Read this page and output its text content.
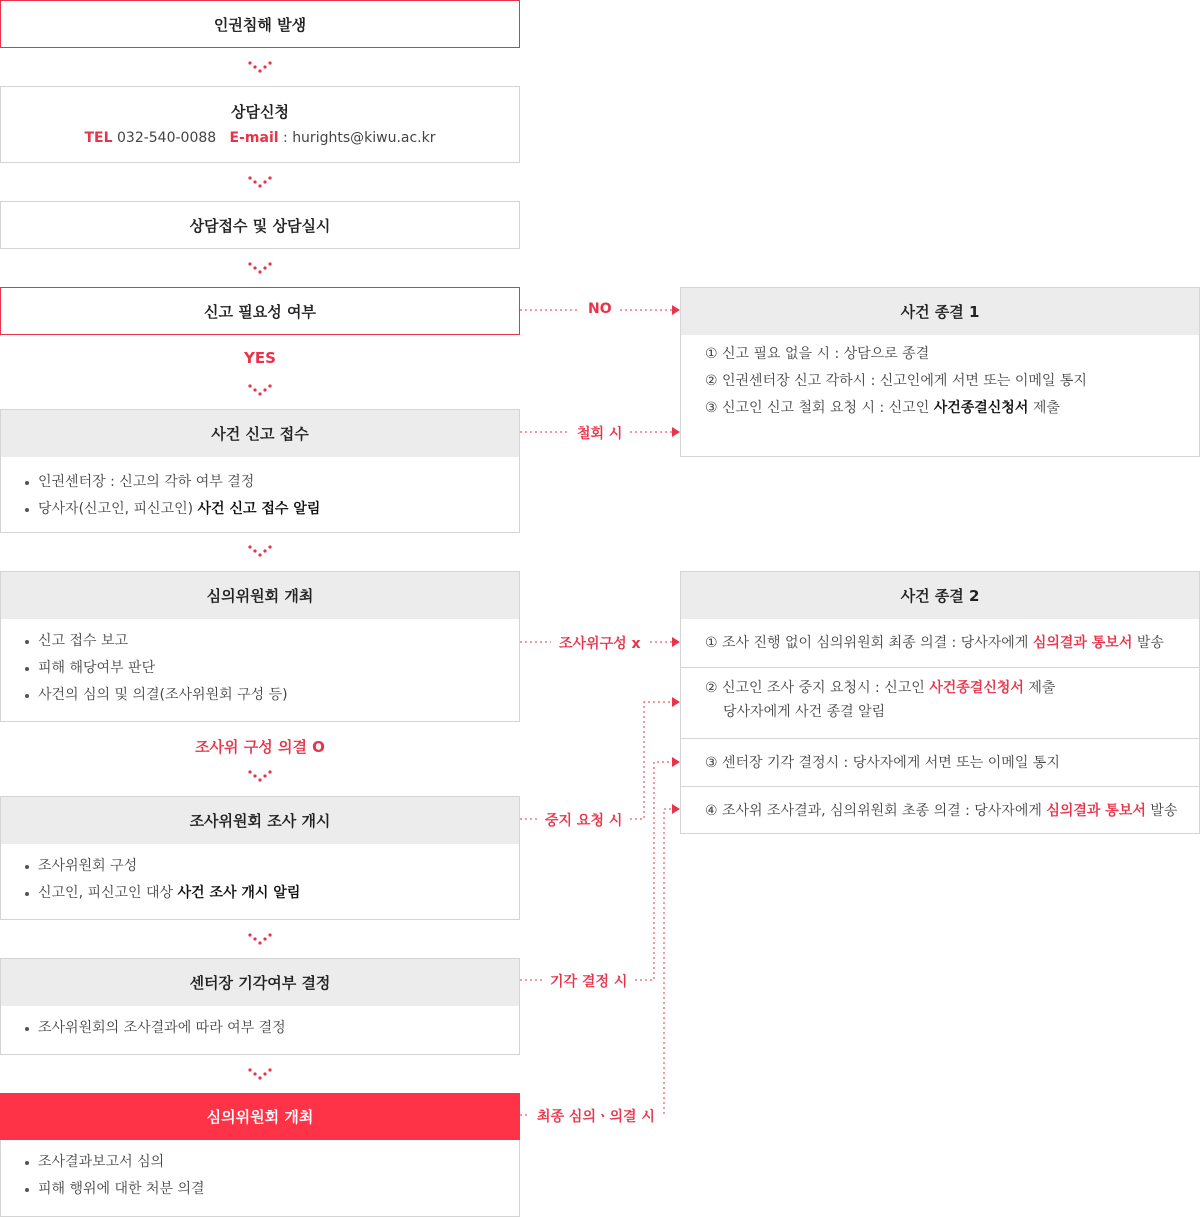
인권침해 발생
상담신청
TEL 032-540-0088 E-mail : hurights@kiwu.ac.kr
상담접수 및 상담실시
신고 필요성 여부
YES
사건 신고 접수
인권센터장 : 신고의 각하 여부 결정
당사자(신고인, 피신고인) 사건 신고 접수 알림
심의위원회 개최
신고 접수 보고
피해 해당여부 판단
사건의 심의 및 의결(조사위원회 구성 등)
조사위 구성 의결 O
조사위원회 조사 개시
조사위원회 구성
신고인, 피신고인 대상 사건 조사 개시 알림
센터장 기각여부 결정
조사위원회의 조사결과에 따라 여부 결정
심의위원회 개최
조사결과보고서 심의
피해 행위에 대한 처분 의결
NO
철회 시
조사위구성 x
중지 요청 시
기각 결정 시
최종 심의ㆍ의결 시
사건 종결 1
① 신고 필요 없을 시 : 상담으로 종결
② 인권센터장 신고 각하시 : 신고인에게 서면 또는 이메일 통지
③ 신고인 신고 철회 요청 시 : 신고인 사건종결신청서 제출
사건 종결 2
① 조사 진행 없이 심의위원회 최종 의결 : 당사자에게 심의결과 통보서 발송
② 신고인 조사 중지 요청시 : 신고인 사건종결신청서 제출
당사자에게 사건 종결 알림
③ 센터장 기각 결정시 : 당사자에게 서면 또는 이메일 통지
④ 조사위 조사결과, 심의위원회 초종 의결 : 당사자에게 심의결과 통보서 발송
